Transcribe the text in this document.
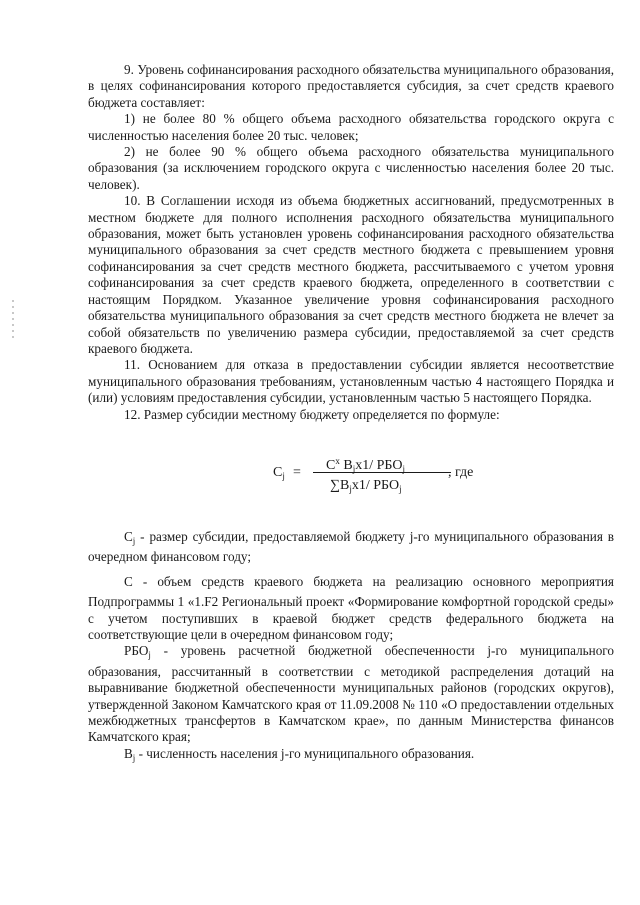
9. Уровень софинансирования расходного обязательства муниципального образования, в целях софинансирования которого предоставляется субсидия, за счет средств краевого бюджета составляет:

1) не более 80 % общего объема расходного обязательства городского округа с численностью населения более 20 тыс. человек;

2) не более 90 % общего объема расходного обязательства муниципального образования (за исключением городского округа с численностью населения более 20 тыс. человек).

10. В Соглашении исходя из объема бюджетных ассигнований, предусмотренных в местном бюджете для полного исполнения расходного обязательства муниципального образования, может быть установлен уровень софинансирования расходного обязательства муниципального образования за счет средств местного бюджета с превышением уровня софинансирования за счет средств местного бюджета, рассчитываемого с учетом уровня софинансирования за счет средств краевого бюджета, определенного в соответствии с настоящим Порядком. Указанное увеличение уровня софинансирования расходного обязательства муниципального образования за счет средств местного бюджета не влечет за собой обязательств по увеличению размера субсидии, предоставляемой за счет средств краевого бюджета.

11. Основанием для отказа в предоставлении субсидии является несоответствие муниципального образования требованиям, установленным частью 4 настоящего Порядка и (или) условиям предоставления субсидии, установленным частью 5 настоящего Порядка.

12. Размер субсидии местному бюджету определяется по формуле:

$C_j = C^x$ $B_jx1/$ $РБО_j$
$\sum B_jx1/$ $РБО_j$
, где

$C_j$ - размер субсидии, предоставляемой бюджету j-го муниципального образования в очередном финансовом году;

C - объем средств краевого бюджета на реализацию основного мероприятия Подпрограммы 1 «1.F2 Региональный проект «Формирование комфортной городской среды» с учетом поступивших в краевой бюджет средств федерального бюджета на соответствующие цели в очередном финансовом году;

$РБО_j$ - уровень расчетной бюджетной обеспеченности j-го муниципального образования, рассчитанный в соответствии с методикой распределения дотаций на выравнивание бюджетной обеспеченности муниципальных районов (городских округов), утвержденной Законом Камчатского края от 11.09.2008 № 110 «О предоставлении отдельных межбюджетных трансфертов в Камчатском крае», по данным Министерства финансов Камчатского края;

$B_j$ - численность населения j-го муниципального образования.
